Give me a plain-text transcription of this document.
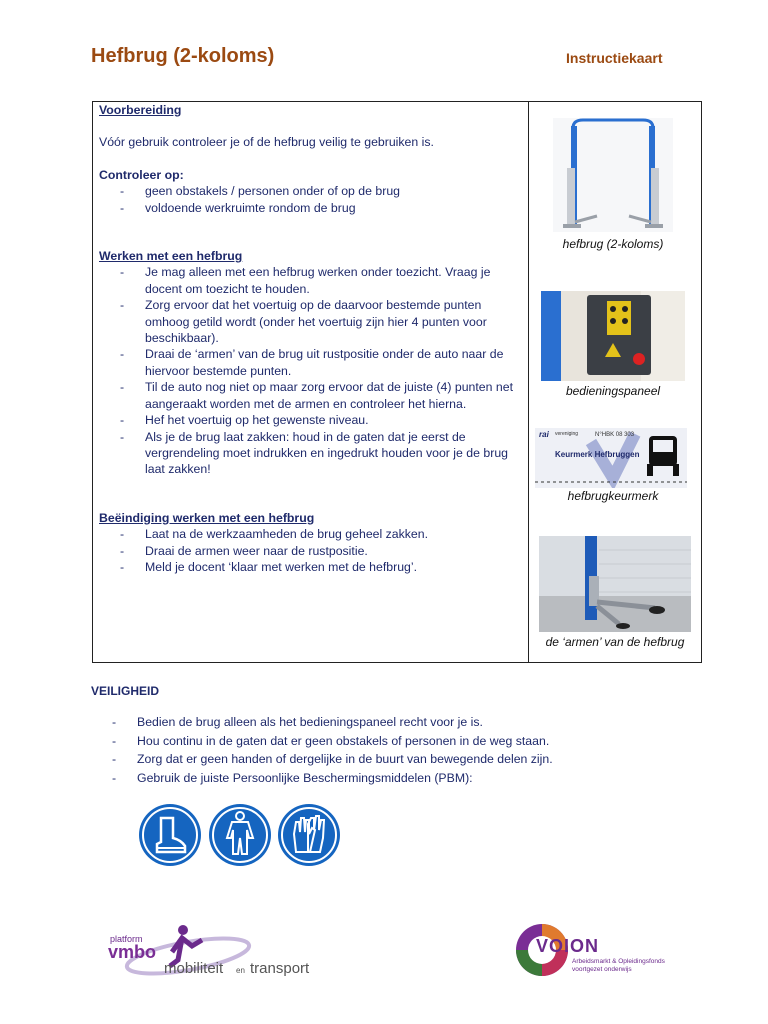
Hefbrug (2-koloms)	Instructiekaart

Voorbereiding

Vóór gebruik controleer je of de hefbrug veilig te gebruiken is.

Controleer op:

- geen obstakels / personen onder of op de brug
- voldoende werkruimte rondom de brug

Werken met een hefbrug

- Je mag alleen met een hefbrug werken onder toezicht. Vraag je docent om toezicht te houden.
- Zorg ervoor dat het voertuig op de daarvoor bestemde punten omhoog getild wordt (onder het voertuig zijn hier 4 punten voor beschikbaar).
- Draai de ‘armen’ van de brug uit rustpositie onder de auto naar de hiervoor bestemde punten.
- Til de auto nog niet op maar zorg ervoor dat de juiste (4) punten net aangeraakt worden met de armen en controleer het hierna.
- Hef het voertuig op het gewenste niveau.
- Als je de brug laat zakken: houd in de gaten dat je eerst de vergrendeling moet indrukken en ingedrukt houden voor je de brug laat zakken!

Beëindiging werken met een hefbrug

- Laat na de werkzaamheden de brug geheel zakken.
- Draai de armen weer naar de rustpositie.
- Meld je docent ‘klaar met werken met de hefbrug’.
hefbrug (2-koloms)
bedieningspaneel
rai vereniging	N°HBK 08 303
Keurmerk Hefbruggen
hefbrugkeurmerk
de ‘armen’ van de hefbrug
VEILIGHEID
- Bedien de brug alleen als het bedieningspaneel recht voor je is.
- Hou continu in de gaten dat er geen obstakels of personen in de weg staan.
- Zorg dat er geen handen of dergelijke in de buurt van bewegende delen zijn.
- Gebruik de juiste Persoonlijke Beschermingsmiddelen (PBM):
platform
vmbo
mobiliteit en transport
VOION
Arbeidsmarkt & Opleidingsfonds
voortgezet onderwijs
